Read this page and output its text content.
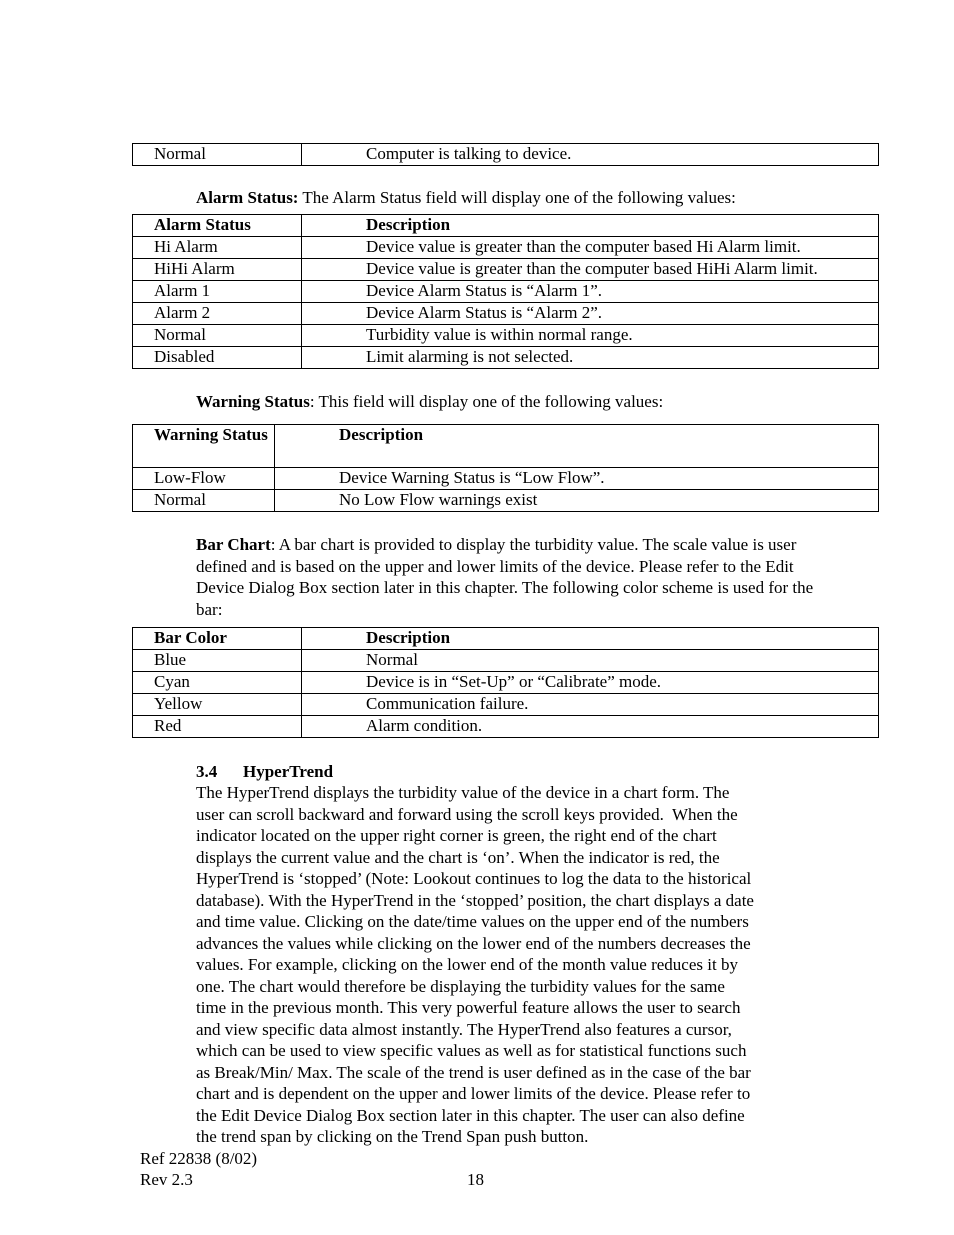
Normal	Computer is talking to device.

Alarm Status: The Alarm Status field will display one of the following values:

Alarm Status	Description
Hi Alarm	Device value is greater than the computer based Hi Alarm limit.
HiHi Alarm	Device value is greater than the computer based HiHi Alarm limit.
Alarm 1	Device Alarm Status is “Alarm 1”.
Alarm 2	Device Alarm Status is “Alarm 2”.
Normal	Turbidity value is within normal range.
Disabled	Limit alarming is not selected.

Warning Status: This field will display one of the following values:

Warning Status	Description
Low-Flow	Device Warning Status is “Low Flow”.
Normal	No Low Flow warnings exist

Bar Chart: A bar chart is provided to display the turbidity value. The scale value is user defined and is based on the upper and lower limits of the device. Please refer to the Edit Device Dialog Box section later in this chapter. The following color scheme is used for the bar:

Bar Color	Description
Blue	Normal
Cyan	Device is in “Set-Up” or “Calibrate” mode.
Yellow	Communication failure.
Red	Alarm condition.
3.4 HyperTrend
The HyperTrend displays the turbidity value of the device in a chart form. The
user can scroll backward and forward using the scroll keys provided.  When the
indicator located on the upper right corner is green, the right end of the chart
displays the current value and the chart is ‘on’. When the indicator is red, the
HyperTrend is ‘stopped’ (Note: Lookout continues to log the data to the historical
database). With the HyperTrend in the ‘stopped’ position, the chart displays a date
and time value. Clicking on the date/time values on the upper end of the numbers
advances the values while clicking on the lower end of the numbers decreases the
values. For example, clicking on the lower end of the month value reduces it by
one. The chart would therefore be displaying the turbidity values for the same
time in the previous month. This very powerful feature allows the user to search
and view specific data almost instantly. The HyperTrend also features a cursor,
which can be used to view specific values as well as for statistical functions such
as Break/Min/ Max. The scale of the trend is user defined as in the case of the bar
chart and is dependent on the upper and lower limits of the device. Please refer to
the Edit Device Dialog Box section later in this chapter. The user can also define
the trend span by clicking on the Trend Span push button.
Ref 22838 (8/02)
Rev 2.3	18
